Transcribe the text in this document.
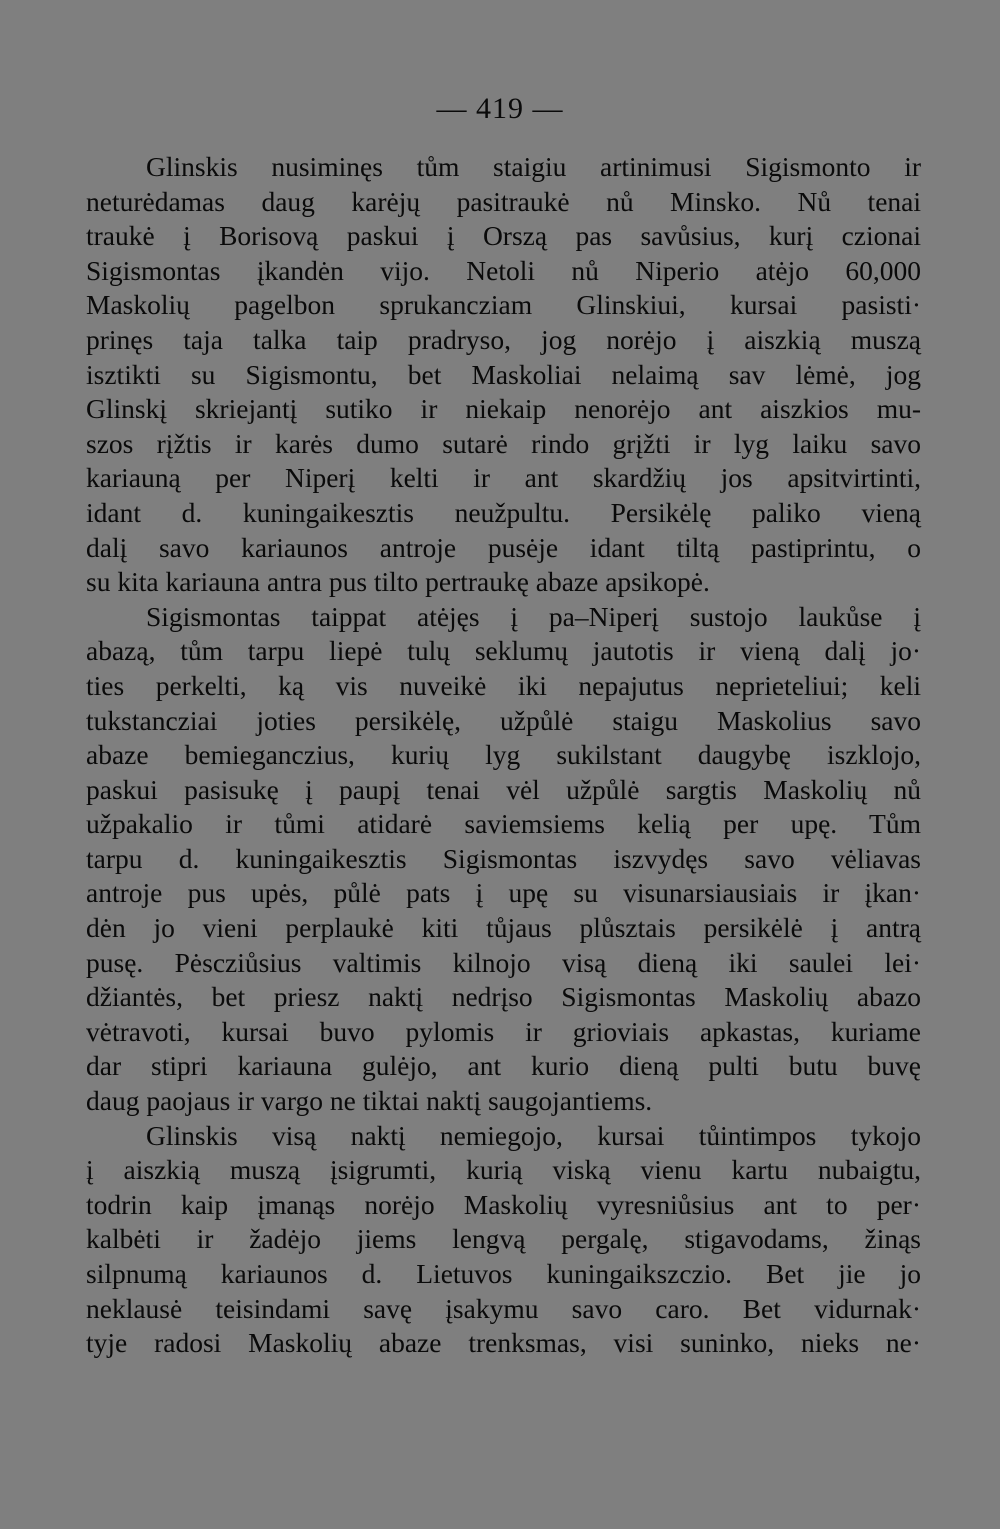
— 419 —
Glinskis nusiminęs tům staigiu artinimusi Sigismonto ir
neturėdamas daug karėjų pasitraukė nů Minsko. Nů tenai
traukė į Borisovą paskui į Orszą pas savůsius, kurį czionai
Sigismontas įkandėn vijo. Netoli nů Niperio atėjo 60,000
Maskolių pagelbon sprukancziam Glinskiui, kursai pasisti·
prinęs taja talka taip pradryso, jog norėjo į aiszkią muszą
isztikti su Sigismontu, bet Maskoliai nelaimą sav lėmė, jog
Glinskį skriejantį sutiko ir niekaip nenorėjo ant aiszkios mu-
szos rįžtis ir karės dumo sutarė rindo grįžti ir lyg laiku savo
kariauną per Niperį kelti ir ant skardžių jos apsitvirtinti,
idant d. kuningaikesztis neužpultu. Persikėlę paliko vieną
dalį savo kariaunos antroje pusėje idant tiltą pastiprintu, o
su kita kariauna antra pus tilto pertraukę abaze apsikopė.
Sigismontas taippat atėjęs į pa–Niperį sustojo laukůse į
abazą, tům tarpu liepė tulų seklumų jautotis ir vieną dalį jo·
ties perkelti, ką vis nuveikė iki nepajutus neprieteliui; keli
tukstancziai joties persikėlę, užpůlė staigu Maskolius savo
abaze bemieganczius, kurių lyg sukilstant daugybę iszklojo,
paskui pasisukę į paupį tenai vėl užpůlė sargtis Maskolių nů
užpakalio ir tůmi atidarė saviemsiems kelią per upę. Tům
tarpu d. kuningaikesztis Sigismontas iszvydęs savo vėliavas
antroje pus upės, půlė pats į upę su visunarsiausiais ir įkan·
dėn jo vieni perplaukė kiti tůjaus plůsztais persikėlė į antrą
pusę. Pėscziůsius valtimis kilnojo visą dieną iki saulei lei·
džiantės, bet priesz naktį nedrįso Sigismontas Maskolių abazo
vėtravoti, kursai buvo pylomis ir grioviais apkastas, kuriame
dar stipri kariauna gulėjo, ant kurio dieną pulti butu buvę
daug paojaus ir vargo ne tiktai naktį saugojantiems.
Glinskis visą naktį nemiegojo, kursai tůintimpos tykojo
į aiszkią muszą įsigrumti, kurią viską vienu kartu nubaigtu,
todrin kaip įmanąs norėjo Maskolių vyresniůsius ant to per·
kalbėti ir žadėjo jiems lengvą pergalę, stigavodams, žinąs
silpnumą kariaunos d. Lietuvos kuningaikszczio. Bet jie jo
neklausė teisindami savę įsakymu savo caro. Bet vidurnak·
tyje radosi Maskolių abaze trenksmas, visi suninko, nieks ne·
